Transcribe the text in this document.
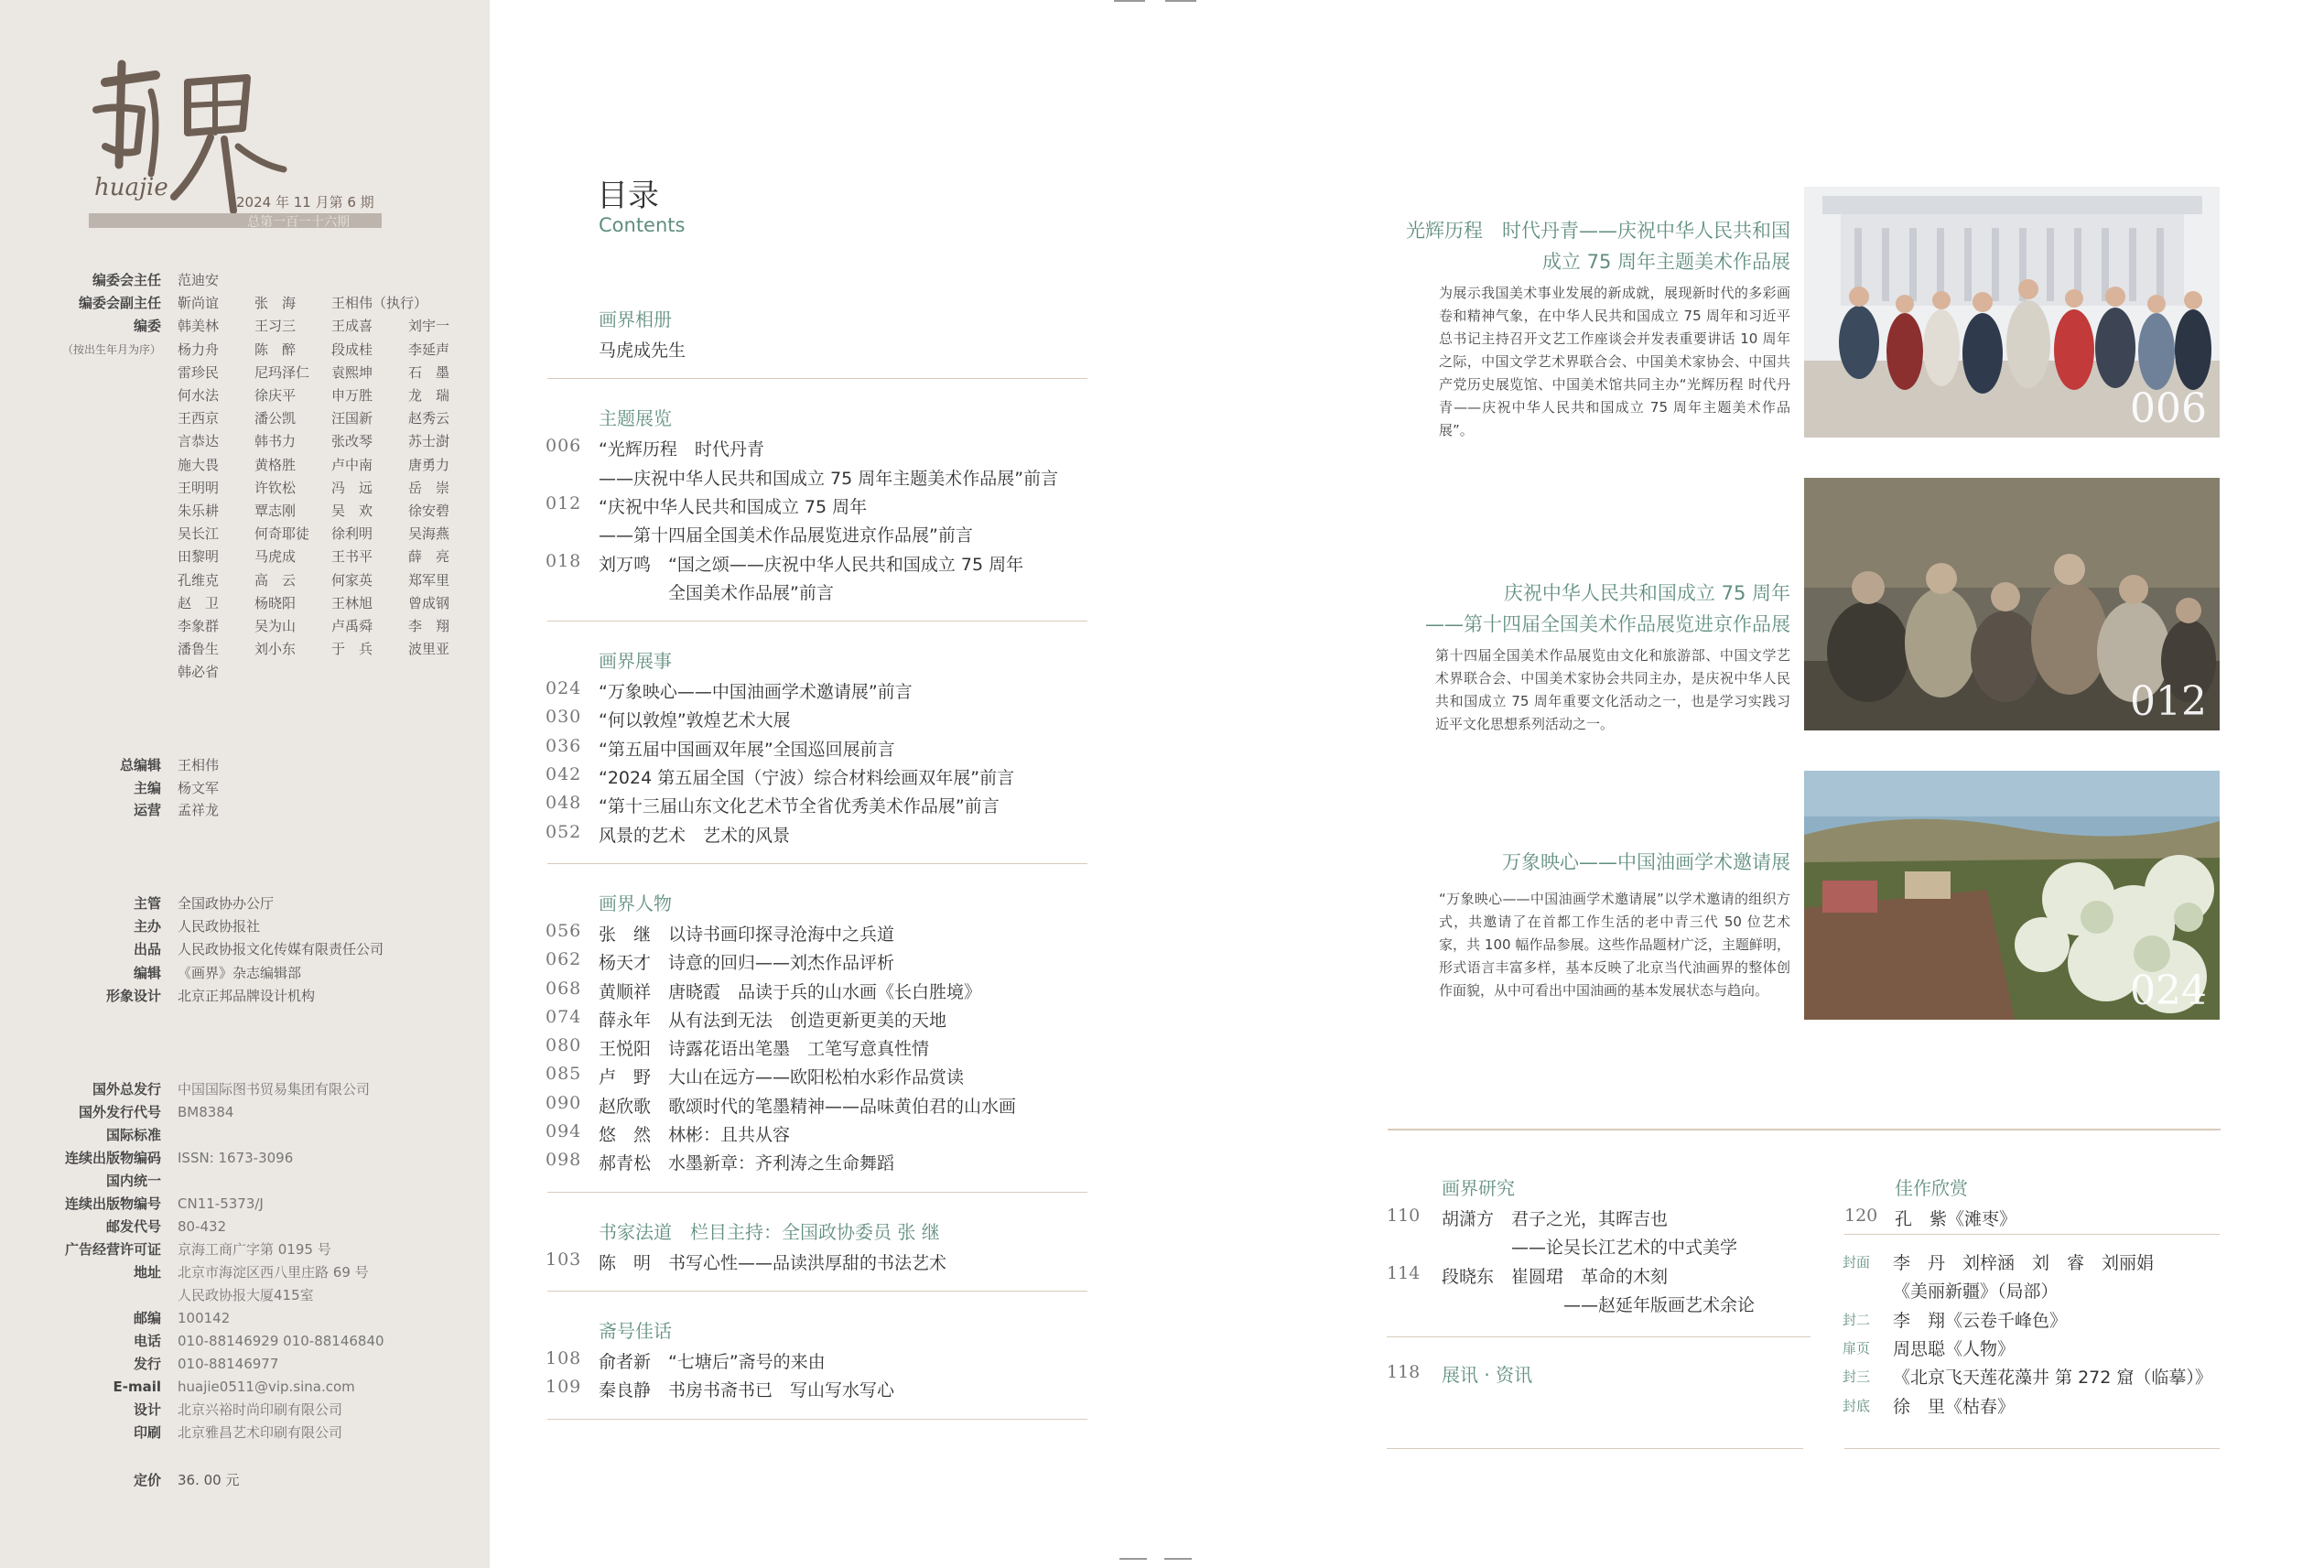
画界
huajie
2024 年 11 月第 6 期
总第一百一十六期
编委会主任 范迪安
编委会副主任 靳尚谊	张　海	王相伟（执行）
编委 韩美林	王习三	王成喜	刘宇一
（按出生年月为序） 杨力舟	陈　醉	段成桂	李延声
雷珍民	尼玛泽仁	袁熙坤	石　墨
何水法	徐庆平	申万胜	龙　瑞
王西京	潘公凯	汪国新	赵秀云
言恭达	韩书力	张改琴	苏士澍
施大畏	黄格胜	卢中南	唐勇力
王明明	许钦松	冯　远	岳　崇
朱乐耕	覃志刚	吴　欢	徐安碧
吴长江	何奇耶徒	徐利明	吴海燕
田黎明	马虎成	王书平	薛　亮
孔维克	高　云	何家英	郑军里
赵　卫	杨晓阳	王林旭	曾成钢
李象群	吴为山	卢禹舜	李　翔
潘鲁生	刘小东	于　兵	波里亚
韩必省
总编辑 王相伟
主编 杨文军
运营 孟祥龙
主管 全国政协办公厅
主办 人民政协报社
出品 人民政协报文化传媒有限责任公司
编辑 《画界》杂志编辑部
形象设计 北京正邦品牌设计机构
国外总发行 中国国际图书贸易集团有限公司
国外发行代号 BM8384
国际标准
连续出版物编码 ISSN: 1673-3096
国内统一
连续出版物编号 CN11-5373/J
邮发代号 80-432
广告经营许可证 京海工商广字第 0195 号
地址 北京市海淀区西八里庄路 69 号
人民政协报大厦415室
邮编 100142
电话 010-88146929 010-88146840
发行 010-88146977
E-mail huajie0511@vip.sina.com
设计 北京兴裕时尚印刷有限公司
印刷 北京雅昌艺术印刷有限公司
定价 36. 00 元
目录
Contents
画界相册
马虎成先生
主题展览
006 “光辉历程　时代丹青
——庆祝中华人民共和国成立 75 周年主题美术作品展”前言
012 “庆祝中华人民共和国成立 75 周年
——第十四届全国美术作品展览进京作品展”前言
018 刘万鸣　“国之颂——庆祝中华人民共和国成立 75 周年
　　　　全国美术作品展”前言
画界展事
024 “万象映心——中国油画学术邀请展”前言
030 “何以敦煌”敦煌艺术大展
036 “第五届中国画双年展”全国巡回展前言
042 “2024 第五届全国（宁波）综合材料绘画双年展”前言
048 “第十三届山东文化艺术节全省优秀美术作品展”前言
052 风景的艺术　艺术的风景
画界人物
056 张　继　以诗书画印探寻沧海中之兵道
062 杨天才　诗意的回归——刘杰作品评析
068 黄顺祥　唐晓霞　品读于兵的山水画《长白胜境》
074 薛永年　从有法到无法　创造更新更美的天地
080 王悦阳　诗露花语出笔墨　工笔写意真性情
085 卢　野　大山在远方——欧阳松柏水彩作品赏读
090 赵欣歌　歌颂时代的笔墨精神——品味黄伯君的山水画
094 悠　然　林彬：且共从容
098 郝青松　水墨新章：齐利涛之生命舞蹈
书家法道　栏目主持：全国政协委员 张 继
103 陈　明　书写心性——品读洪厚甜的书法艺术
斋号佳话
108 俞者新　“七塘后”斋号的来由
109 秦良静　书房书斋书已　写山写水写心
光辉历程　时代丹青——庆祝中华人民共和国
成立 75 周年主题美术作品展
为展示我国美术事业发展的新成就，展现新时代的多彩画卷和精神气象，在中华人民共和国成立 75 周年和习近平总书记主持召开文艺工作座谈会并发表重要讲话 10 周年之际，中国文学艺术界联合会、中国美术家协会、中国共产党历史展览馆、中国美术馆共同主办“光辉历程 时代丹青——庆祝中华人民共和国成立 75 周年主题美术作品展”。	006
庆祝中华人民共和国成立 75 周年
——第十四届全国美术作品展览进京作品展
第十四届全国美术作品展览由文化和旅游部、中国文学艺术界联合会、中国美术家协会共同主办，是庆祝中华人民共和国成立 75 周年重要文化活动之一，也是学习实践习近平文化思想系列活动之一。	012
万象映心——中国油画学术邀请展
“万象映心——中国油画学术邀请展”以学术邀请的组织方式，共邀请了在首都工作生活的老中青三代 50 位艺术家，共 100 幅作品参展。这些作品题材广泛，主题鲜明，形式语言丰富多样，基本反映了北京当代油画界的整体创作面貌，从中可看出中国油画的基本发展状态与趋向。	024
画界研究
110 胡潇方　君子之光，其晖吉也
　　　　——论吴长江艺术的中式美学
114 段晓东　崔圆珺　革命的木刻
　　　　　　　——赵延年版画艺术余论
118 展讯 · 资讯
佳作欣赏
120 孔　紫《滩枣》
封面 李　丹　刘梓涵　刘　睿　刘丽娟
《美丽新疆》（局部）
封二 李　翔《云卷千峰色》
扉页 周思聪《人物》
封三 《北京飞天莲花藻井 第 272 窟（临摹）》
封底 徐　里《枯春》
